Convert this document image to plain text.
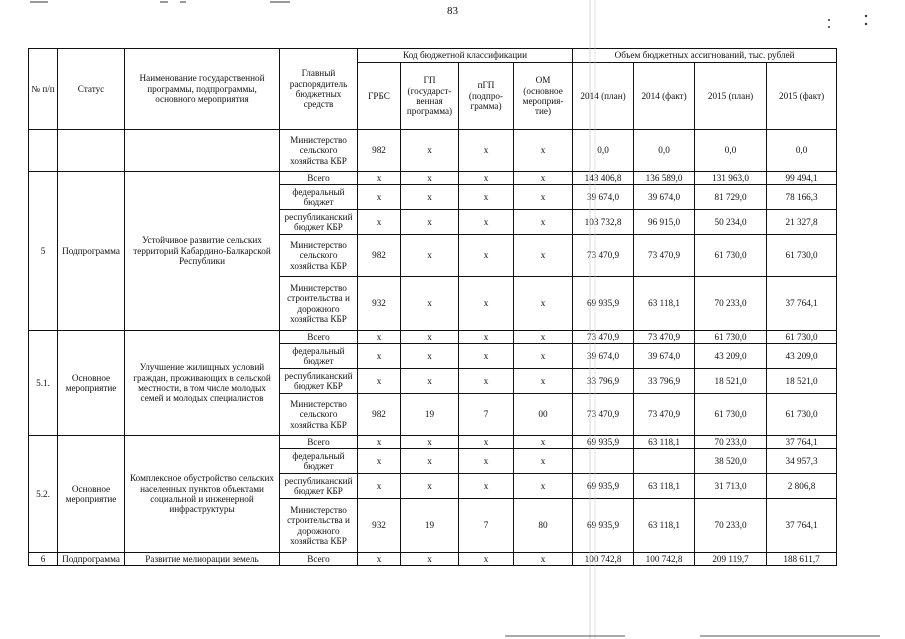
83
№ п/п	Статус	Наименование государственной программы, подпрограммы, основного мероприятия	Главный распорядитель бюджетных средств	Код бюджетной классификации				Объем бюджетных ассигнований, тыс. рублей			
				ГРБС	ГП (государст-венная программа)	пГП (подпро-грамма)	ОМ (основное мероприя-тие)	2014 (план)	2014 (факт)	2015 (план)	2015 (факт)
			Министерство сельского хозяйства КБР	982	x	x	x	0,0	0,0	0,0	0,0
5	Подпрограмма	Устойчивое развитие сельских территорий Кабардино-Балкарской Республики	Всего	x	x	x	x	143 406,8	136 589,0	131 963,0	99 494,1
			федеральный бюджет	x	x	x	x	39 674,0	39 674,0	81 729,0	78 166,3
			республиканский бюджет КБР	x	x	x	x	103 732,8	96 915,0	50 234,0	21 327,8
			Министерство сельского хозяйства КБР	982	x	x	x	73 470,9	73 470,9	61 730,0	61 730,0
			Министерство строительства и дорожного хозяйства КБР	932	x	x	x	69 935,9	63 118,1	70 233,0	37 764,1
5.1.	Основное мероприятие	Улучшение жилищных условий граждан, проживающих в сельской местности, в том числе молодых семей и молодых специалистов	Всего	x	x	x	x	73 470,9	73 470,9	61 730,0	61 730,0
			федеральный бюджет	x	x	x	x	39 674,0	39 674,0	43 209,0	43 209,0
			республиканский бюджет КБР	x	x	x	x	33 796,9	33 796,9	18 521,0	18 521,0
			Министерство сельского хозяйства КБР	982	19	7	00	73 470,9	73 470,9	61 730,0	61 730,0
5.2.	Основное мероприятие	Комплексное обустройство сельских населенных пунктов объектами социальной и инженерной инфраструктуры	Всего	x	x	x	x	69 935,9	63 118,1	70 233,0	37 764,1
			федеральный бюджет	x	x	x	x			38 520,0	34 957,3
			республиканский бюджет КБР	x	x	x	x	69 935,9	63 118,1	31 713,0	2 806,8
			Министерство строительства и дорожного хозяйства КБР	932	19	7	80	69 935,9	63 118,1	70 233,0	37 764,1
6	Подпрограмма	Развитие мелиорации земель	Всего	x	x	x	x	100 742,8	100 742,8	209 119,7	188 611,7
